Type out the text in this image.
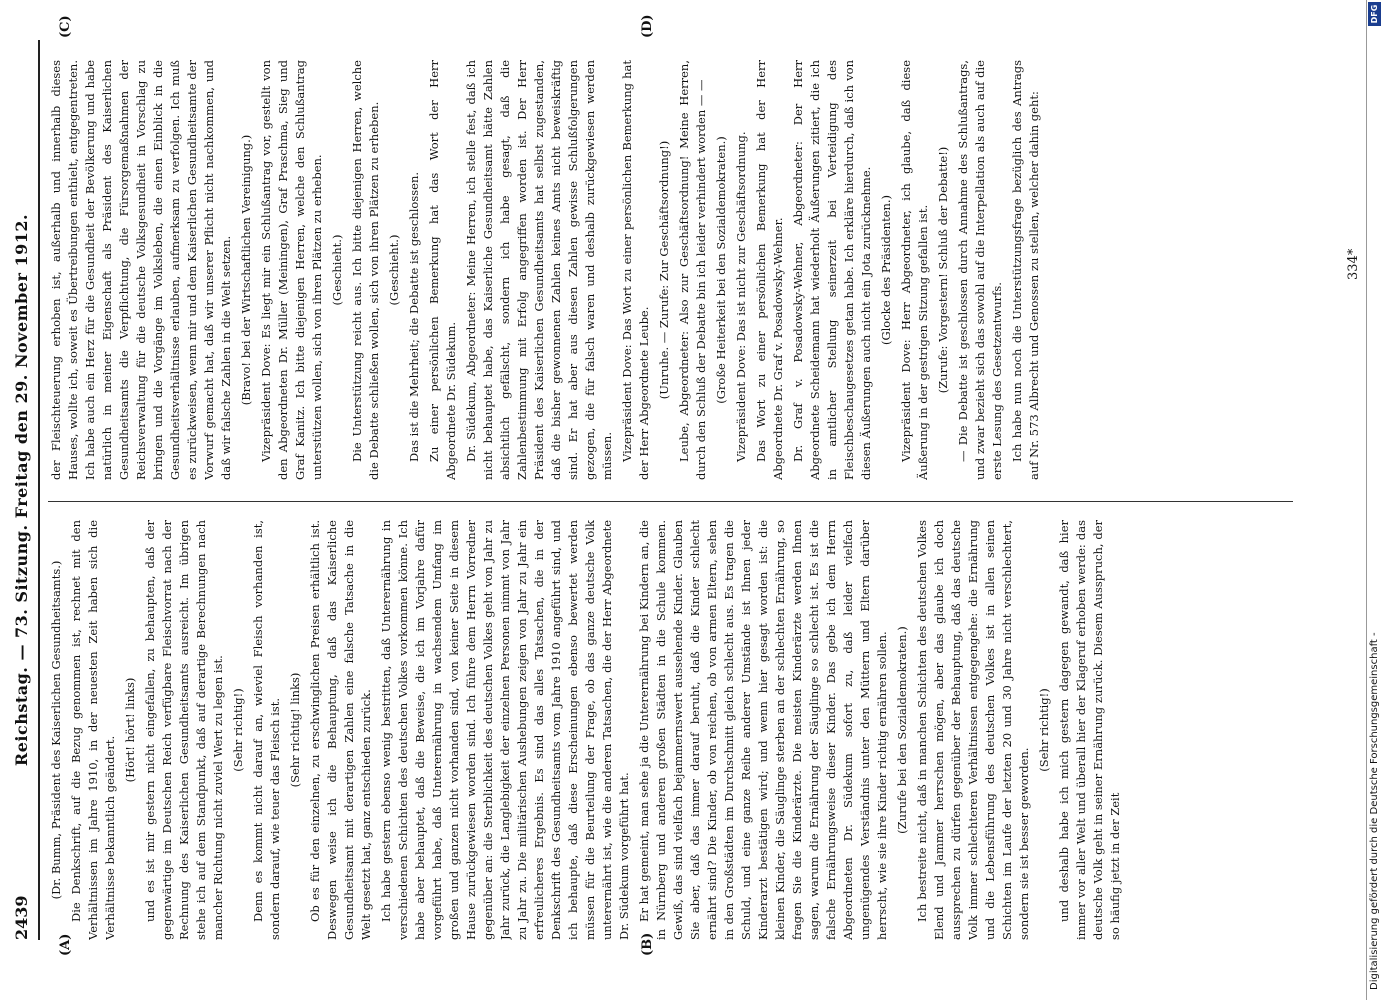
2439
Reichstag. — 73. Sitzung. Freitag den 29. November 1912.
(A)	(B)
(C)	(D)

(Dr. Bumm, Präsident des Kaiserlichen Gesundheitsamts.) Die Denkschrift, auf die Bezug genommen ist, rechnet mit den Verhältnissen im Jahre 1910, in der neuesten Zeit haben sich die Verhältnisse bekanntlich geändert.

(Hört! hört! links) und es ist mir gestern nicht eingefallen, zu behaupten, daß der gegenwärtige im Deutschen Reich verfügbare Fleischvorrat nach der Rechnung des Kaiserlichen Gesundheitsamts ausreicht. Im übrigen stehe ich auf dem Standpunkt, daß auf derartige Berechnungen nach mancher Richtung nicht zuviel Wert zu legen ist. (Sehr richtig!) Denn es kommt nicht darauf an, wieviel Fleisch vorhanden ist, sondern darauf, wie teuer das Fleisch ist. (Sehr richtig! links) Ob es für den einzelnen, zu erschwinglichen Preisen erhältlich ist. Deswegen weise ich die Behauptung, daß das Kaiserliche Gesundheitsamt mit derartigen Zahlen eine falsche Tatsache in die Welt gesetzt hat, ganz entschieden zurück. Ich habe gestern ebenso wenig bestritten, daß Unterernährung in verschiedenen Schichten des deutschen Volkes vorkommen könne. Ich habe aber behauptet, daß die Beweise, die ich im Vorjahre dafür vorgeführt habe, daß Unterernährung in wachsendem Umfang im großen und ganzen nicht vorhanden sind, von keiner Seite in diesem Hause zurückgewiesen worden sind. Ich führe dem Herrn Vorredner gegenüber an: die Sterblichkeit des deutschen Volkes geht von Jahr zu Jahr zurück, die Langlebigkeit der einzelnen Personen nimmt von Jahr zu Jahr zu. Die militärischen Aushebungen zeigen von Jahr zu Jahr ein erfreulicheres Ergebnis. Es sind das alles Tatsachen, die in der Denkschrift des Gesundheitsamts vom Jahre 1910 angeführt sind, und ich behaupte, daß diese Erscheinungen ebenso bewertet werden müssen für die Beurteilung der Frage, ob das ganze deutsche Volk unterernährt ist, wie die anderen Tatsachen, die der Herr Abgeordnete Dr. Südekum vorgeführt hat. Er hat gemeint, man sehe ja die Unterernährung bei Kindern an, die in Nürnberg und anderen großen Städten in die Schule kommen. Gewiß, das sind vielfach bejammernswert aussehende Kinder. Glauben Sie aber, daß das immer darauf beruht, daß die Kinder schlecht ernährt sind? Die Kinder, ob von reichen, ob von armen Eltern, sehen in den Großstädten im Durchschnitt gleich schlecht aus. Es tragen die Schuld, und eine ganze Reihe anderer Umstände ist Ihnen jeder Kinderarzt bestätigen wird; und wenn hier gesagt worden ist: die kleinen Kinder, die Säuglinge sterben an der schlechten Ernährung, so fragen Sie die Kinderärzte. Die meisten Kinderärzte werden Ihnen sagen, warum die Ernährung der Säuglinge so schlecht ist. Es ist die falsche Ernährungsweise dieser Kinder. Das gebe ich dem Herrn Abgeordneten Dr. Südekum sofort zu, daß leider vielfach ungenügendes Verständnis unter den Müttern und Eltern darüber herrscht, wie sie ihre Kinder richtig ernähren sollen. (Zurufe bei den Sozialdemokraten.) Ich bestreite nicht, daß in manchen Schichten des deutschen Volkes Elend und Jammer herrschen mögen, aber das glaube ich doch aussprechen zu dürfen gegenüber der Behauptung, daß das deutsche Volk immer schlechteren Verhältnissen entgegengehe: die Ernährung und die Lebensführung des deutschen Volkes ist in allen seinen Schichten im Laufe der letzten 20 und 30 Jahre nicht verschlechtert, sondern sie ist besser geworden.

(Sehr richtig!) und deshalb habe ich mich gestern dagegen gewandt, daß hier immer vor aller Welt und überall hier der Klageruf erhoben werde: das deutsche Volk geht in seiner Ernährung zurück. Diesem Ausspruch, der so häufig jetzt in der Zeit

der Fleischteuerung erhoben ist, außerhalb und innerhalb dieses Hauses, wollte ich, soweit es Übertreibungen enthielt, entgegentreten. Ich habe auch ein Herz für die Gesundheit der Bevölkerung und habe natürlich in meiner Eigenschaft als Präsident des Kaiserlichen Gesundheitsamts die Verpflichtung, die Fürsorgemaßnahmen der Reichsverwaltung für die deutsche Volksgesundheit in Vorschlag zu bringen und die Vorgänge im Volksleben, die einen Einblick in die Gesundheitsverhältnisse erlauben, aufmerksam zu verfolgen. Ich muß es zurückweisen, wenn mir und dem Kaiserlichen Gesundheitsamte der Vorwurf gemacht hat, daß wir unserer Pflicht nicht nachkommen, und daß wir falsche Zahlen in die Welt setzen. (Bravo! bei der Wirtschaftlichen Vereinigung.) Vizepräsident Dove: Es liegt mir ein Schlußantrag vor, gestellt von den Abgeordneten Dr. Müller (Meiningen), Graf Praschma, Sieg und Graf Kanitz. Ich bitte diejenigen Herren, welche den Schlußantrag unterstützen wollen, sich von ihren Plätzen zu erheben. (Geschieht.) Die Unterstützung reicht aus. Ich bitte diejenigen Herren, welche die Debatte schließen wollen, sich von ihren Plätzen zu erheben. (Geschieht.) Das ist die Mehrheit; die Debatte ist geschlossen. Zu einer persönlichen Bemerkung hat das Wort der Herr Abgeordnete Dr. Südekum. Dr. Südekum, Abgeordneter: Meine Herren, ich stelle fest, daß ich nicht behauptet habe, das Kaiserliche Gesundheitsamt hätte Zahlen absichtlich gefälscht, sondern ich habe gesagt, daß die Zahlenbestimmung mit Erfolg angegriffen worden ist. Der Herr Präsident des Kaiserlichen Gesundheitsamts hat selbst zugestanden, daß die bisher gewonnenen Zahlen keines Amts nicht beweiskräftig sind. Er hat aber aus diesen Zahlen gewisse Schlußfolgerungen gezogen, die für falsch waren und deshalb zurückgewiesen werden müssen. Vizepräsident Dove: Das Wort zu einer persönlichen Bemerkung hat der Herr Abgeordnete Leube. (Unruhe. — Zurufe: Zur Geschäftsordnung!) Leube, Abgeordneter: Also zur Geschäftsordnung! Meine Herren, durch den Schluß der Debatte bin ich leider verhindert worden — — (Große Heiterkeit bei den Sozialdemokraten.) Vizepräsident Dove: Das ist nicht zur Geschäftsordnung. Das Wort zu einer persönlichen Bemerkung hat der Herr Abgeordnete Dr. Graf v. Posadowsky-Wehner. Dr. Graf v. Posadowsky-Wehner, Abgeordneter: Der Herr Abgeordnete Scheidemann hat wiederholt Äußerungen zitiert, die ich in amtlicher Stellung seinerzeit bei Verteidigung des Fleischbeschaugesetzes getan habe. Ich erkläre hierdurch, daß ich von diesen Äußerungen auch nicht ein Jota zurücknehme. (Glocke des Präsidenten.) Vizepräsident Dove: Herr Abgeordneter, ich glaube, daß diese Äußerung in der gestrigen Sitzung gefallen ist. (Zurufe: Vorgestern! Schluß der Debatte!) — Die Debatte ist geschlossen durch Annahme des Schlußantrags, und zwar bezieht sich das sowohl auf die Interpellation als auch auf die erste Lesung des Gesetzentwurfs. Ich habe nun noch die Unterstützungsfrage bezüglich des Antrags auf Nr. 573 Albrecht und Genossen zu stellen, welcher dahin geht:	334*
Digitalisierung gefördert durch die Deutsche Forschungsgemeinschaft -
DFG
